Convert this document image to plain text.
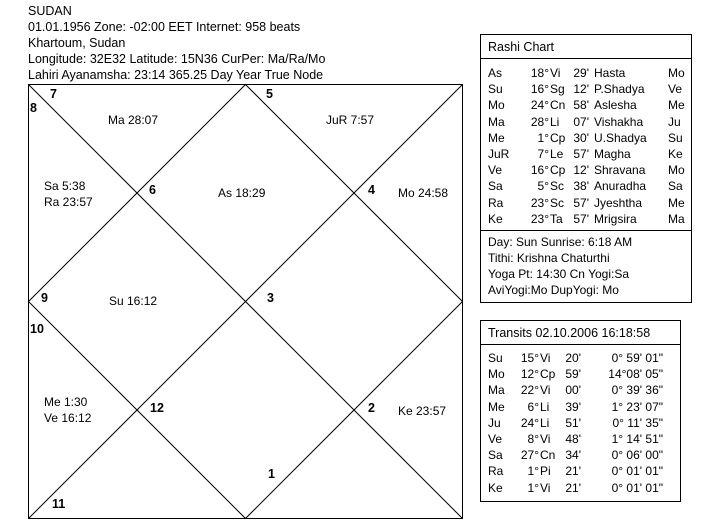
SUDAN
01.01.1956 Zone: -02:00 EET Internet: 958 beats
Khartoum, Sudan
Longitude: 32E32 Latitude: 15N36 CurPer: Ma/Ra/Mo
Lahiri Ayanamsha: 23:14 365.25 Day Year True Node
1
2
3
4
5
6
7
8
9
10
11
12
Ma 28:07	JuR 7:57
Sa 5:38
Ra 23:57
As 18:29	Mo 24:58
Su 16:12
Me 1:30
Ve 16:12	Ke 23:57
Rashi Chart
As	18° Vi	29' Hasta	Mo
Su	16° Sg 12' P.Shadya Ve
Mo	24° Cn 58' Aslesha	Me
Ma	28° Li	07' Vishakha Ju
Me	1° Cp 30' U.Shadya Su
JuR	7° Le 57' Magha	Ke
Ve	16° Cp 12' Shravana Mo
Sa	5° Sc 38' Anuradha Sa
Ra	23° Sc 57' Jyeshtha Me
Ke	23° Ta 57' Mrigsira	Ma
Day: Sun Sunrise: 6:18 AM
Tithi: Krishna Chaturthi
Yoga Pt: 14:30 Cn Yogi:Sa
AviYogi:Mo DupYogi: Mo
Transits 02.10.2006 16:18:58
Su	15° Vi	20'	0° 59' 01"
Mo	12° Cp 59'	14°08' 05"
Ma	22° Vi	00'	0° 39' 36"
Me	6° Li	39'	1° 23' 07"
Ju	24° Li	51'	0° 11' 35"
Ve	8° Vi	48'	1° 14' 51"
Sa	27° Cn 34'	0° 06' 00"
Ra	1° Pi	21'	0° 01' 01"
Ke	1° Vi	21'	0° 01' 01"
